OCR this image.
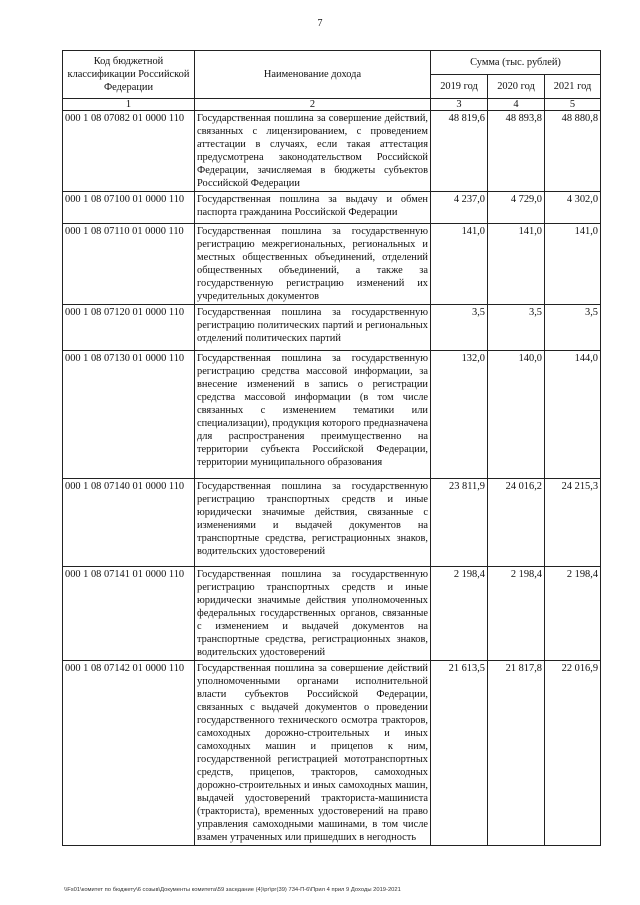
7
Код бюджетной классификации Российской Федерации	Наименование дохода	Сумма (тыс. рублей)		
		2019 год	2020 год	2021 год
1	2	3	4	5
000 1 08 07082 01 0000 110	Государственная пошлина за совершение действий, связанных с лицензированием, с проведением аттестации в случаях, если такая аттестация предусмотрена законодательством Российской Федерации, зачисляемая в бюджеты субъектов Российской Федерации	48 819,6	48 893,8	48 880,8
000 1 08 07100 01 0000 110	Государственная пошлина за выдачу и обмен паспорта гражданина Российской Федерации	4 237,0	4 729,0	4 302,0
000 1 08 07110 01 0000 110	Государственная пошлина за государственную регистрацию межрегиональных, региональных и местных общественных объединений, отделений общественных объединений, а также за государственную регистрацию изменений их учредительных документов	141,0	141,0	141,0
000 1 08 07120 01 0000 110	Государственная пошлина за государственную регистрацию политических партий и региональных отделений политических партий	3,5	3,5	3,5
000 1 08 07130 01 0000 110	Государственная пошлина за государственную регистрацию средства массовой информации, за внесение изменений в запись о регистрации средства массовой информации (в том числе связанных с изменением тематики или специализации), продукция которого предназначена для распространения преимущественно на территории субъекта Российской Федерации, территории муниципального образования	132,0	140,0	144,0
000 1 08 07140 01 0000 110	Государственная пошлина за государственную регистрацию транспортных средств и иные юридически значимые действия, связанные с изменениями и выдачей документов на транспортные средства, регистрационных знаков, водительских удостоверений	23 811,9	24 016,2	24 215,3
000 1 08 07141 01 0000 110	Государственная пошлина за государственную регистрацию транспортных средств и иные юридически значимые действия уполномоченных федеральных государственных органов, связанные с изменением и выдачей документов на транспортные средства, регистрационных знаков, водительских удостоверений	2 198,4	2 198,4	2 198,4
000 1 08 07142 01 0000 110	Государственная пошлина за совершение действий уполномоченными органами исполнительной власти субъектов Российской Федерации, связанных с выдачей документов о проведении государственного технического осмотра тракторов, самоходных дорожно-строительных и иных самоходных машин и прицепов к ним, государственной регистрацией мототранспортных средств, прицепов, тракторов, самоходных дорожно-строительных и иных самоходных машин, выдачей удостоверений тракториста-машиниста (тракториста), временных удостоверений на право управления самоходными машинами, в том числе взамен утраченных или пришедших в негодность	21 613,5	21 817,8	22 016,9
\\Fs01\комитет по бюджету\6 созыв\Документы комитета\59 заседание (4)\рг\рг(39) 734-П-6\Прил 4 прил 9 Доходы 2019-2021
